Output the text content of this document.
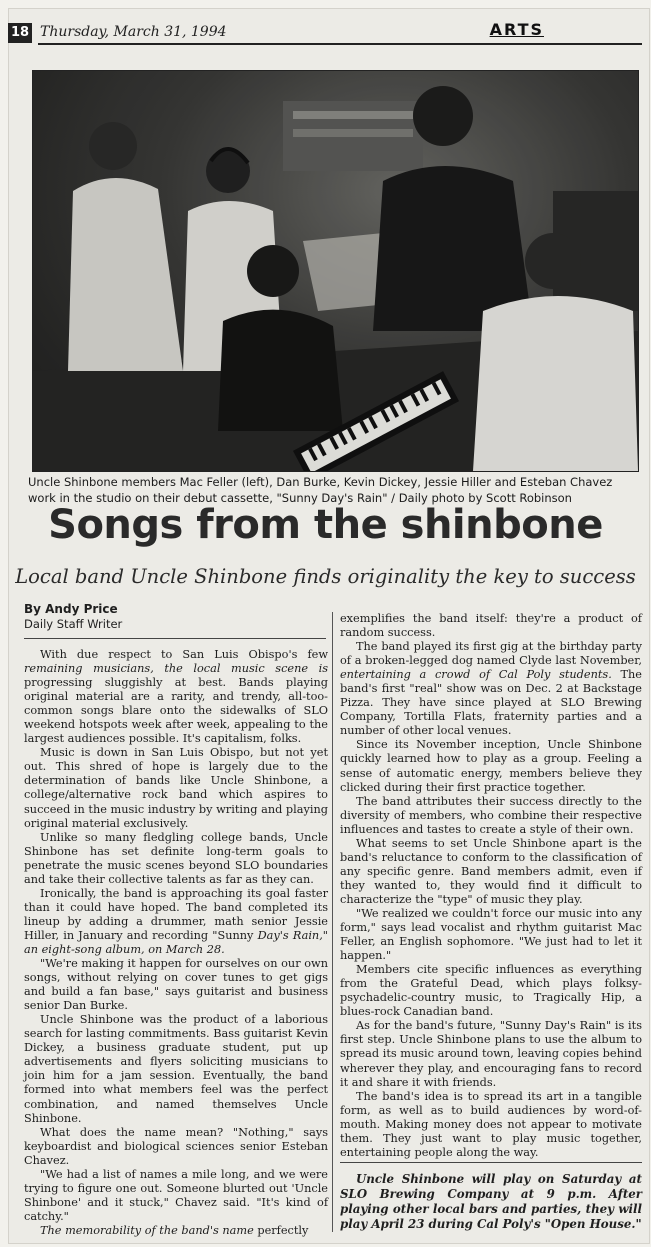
18 Thursday, March 31, 1994	ARTS
Uncle Shinbone members Mac Feller (left), Dan Burke, Kevin Dickey, Jessie Hiller and Esteban Chavez work in the studio on their debut cassette, "Sunny Day's Rain" / Daily photo by Scott Robinson
Songs from the shinbone
Local band Uncle Shinbone finds originality the key to success
By Andy Price
Daily Staff Writer

With due respect to San Luis Obispo's few remaining musicians, the local music scene is progressing sluggishly at best. Bands playing original material are a rarity, and trendy, all-too-common songs blare onto the sidewalks of SLO weekend hotspots week after week, appealing to the largest audiences possible. It's capitalism, folks.

Music is down in San Luis Obispo, but not yet out. This shred of hope is largely due to the determination of bands like Uncle Shinbone, a college/alternative rock band which aspires to succeed in the music industry by writing and playing original material exclusively.

Unlike so many fledgling college bands, Uncle Shinbone has set definite long-term goals to penetrate the music scenes beyond SLO boundaries and take their collective talents as far as they can.

Ironically, the band is approaching its goal faster than it could have hoped. The band completed its lineup by adding a drummer, math senior Jessie Hiller, in January and recording "Sunny Day's Rain," an eight-song album, on March 28.

"We're making it happen for ourselves on our own songs, without relying on cover tunes to get gigs and build a fan base," says guitarist and business senior Dan Burke.

Uncle Shinbone was the product of a laborious search for lasting commitments. Bass guitarist Kevin Dickey, a business graduate student, put up advertisements and flyers soliciting musicians to join him for a jam session. Eventually, the band formed into what members feel was the perfect combination, and named themselves Uncle Shinbone.

What does the name mean? "Nothing," says keyboardist and biological sciences senior Esteban Chavez.

"We had a list of names a mile long, and we were trying to figure one out. Someone blurted out 'Uncle Shinbone' and it stuck," Chavez said. "It's kind of catchy."

The memorability of the band's name perfectly

exemplifies the band itself: they're a product of random success.

The band played its first gig at the birthday party of a broken-legged dog named Clyde last November, entertaining a crowd of Cal Poly students. The band's first "real" show was on Dec. 2 at Backstage Pizza. They have since played at SLO Brewing Company, Tortilla Flats, fraternity parties and a number of other local venues.

Since its November inception, Uncle Shinbone quickly learned how to play as a group. Feeling a sense of automatic energy, members believe they clicked during their first practice together.

The band attributes their success directly to the diversity of members, who combine their respective influences and tastes to create a style of their own.

What seems to set Uncle Shinbone apart is the band's reluctance to conform to the classification of any specific genre. Band members admit, even if they wanted to, they would find it difficult to characterize the "type" of music they play.

"We realized we couldn't force our music into any form," says lead vocalist and rhythm guitarist Mac Feller, an English sophomore. "We just had to let it happen."

Members cite specific influences as everything from the Grateful Dead, which plays folksy-psychadelic-country music, to Tragically Hip, a blues-rock Canadian band.

As for the band's future, "Sunny Day's Rain" is its first step. Uncle Shinbone plans to use the album to spread its music around town, leaving copies behind wherever they play, and encouraging fans to record it and share it with friends.

The band's idea is to spread its art in a tangible form, as well as to build audiences by word-of-mouth. Making money does not appear to motivate them. They just want to play music together, entertaining people along the way.

Uncle Shinbone will play on Saturday at SLO Brewing Company at 9 p.m. After playing other local bars and parties, they will play April 23 during Cal Poly's "Open House."
